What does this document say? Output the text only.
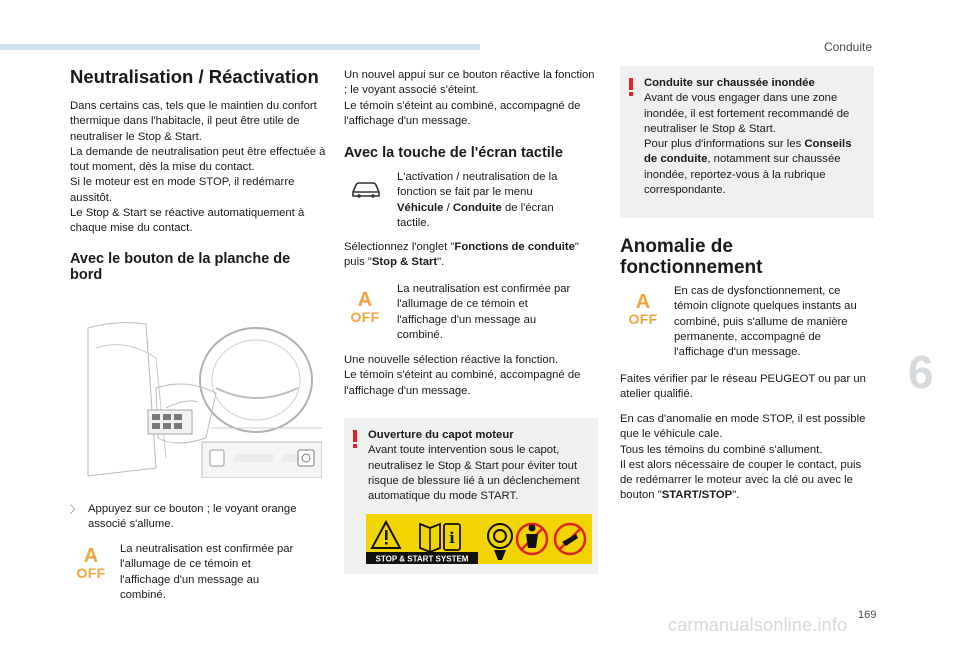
Conduite
6
169
carmanualsonline.info
Neutralisation / Réactivation

Dans certains cas, tels que le maintien du confort thermique dans l'habitacle, il peut être utile de neutraliser le Stop & Start.
La demande de neutralisation peut être effectuée à tout moment, dès la mise du contact.
Si le moteur est en mode STOP, il redémarre aussitôt.
Le Stop & Start se réactive automatiquement à chaque mise du contact.

Avec le bouton de la planche de bord
〉 Appuyez sur ce bouton ; le voyant orange associé s'allume.
A
OFF
La neutralisation est confirmée par l'allumage de ce témoin et l'affichage d'un message au combiné.

Un nouvel appui sur ce bouton réactive la fonction ; le voyant associé s'éteint.
Le témoin s'éteint au combiné, accompagné de l'affichage d'un message.

Avec la touche de l'écran tactile
L'activation / neutralisation de la fonction se fait par le menu Véhicule / Conduite de l'écran tactile.
Sélectionnez l'onglet "Fonctions de conduite" puis "Stop & Start".
A
OFF
La neutralisation est confirmée par l'allumage de ce témoin et l'affichage d'un message au combiné.
Une nouvelle sélection réactive la fonction.
Le témoin s'éteint au combiné, accompagné de l'affichage d'un message.
Ouverture du capot moteur

Avant toute intervention sous le capot, neutralisez le Stop & Start pour éviter tout risque de blessure lié à un déclenchement automatique du mode START.

i
STOP & START SYSTEM
Conduite sur chaussée inondée

Avant de vous engager dans une zone inondée, il est fortement recommandé de neutraliser le Stop & Start.
Pour plus d'informations sur les Conseils de conduite, notamment sur chaussée inondée, reportez-vous à la rubrique correspondante.

Anomalie de fonctionnement
A
OFF
En cas de dysfonctionnement, ce témoin clignote quelques instants au combiné, puis s'allume de manière permanente, accompagné de l'affichage d'un message.
Faites vérifier par le réseau PEUGEOT ou par un atelier qualifié.
En cas d'anomalie en mode STOP, il est possible que le véhicule cale.
Tous les témoins du combiné s'allument.
Il est alors nécessaire de couper le contact, puis de redémarrer le moteur avec la clé ou avec le bouton "START/STOP".
